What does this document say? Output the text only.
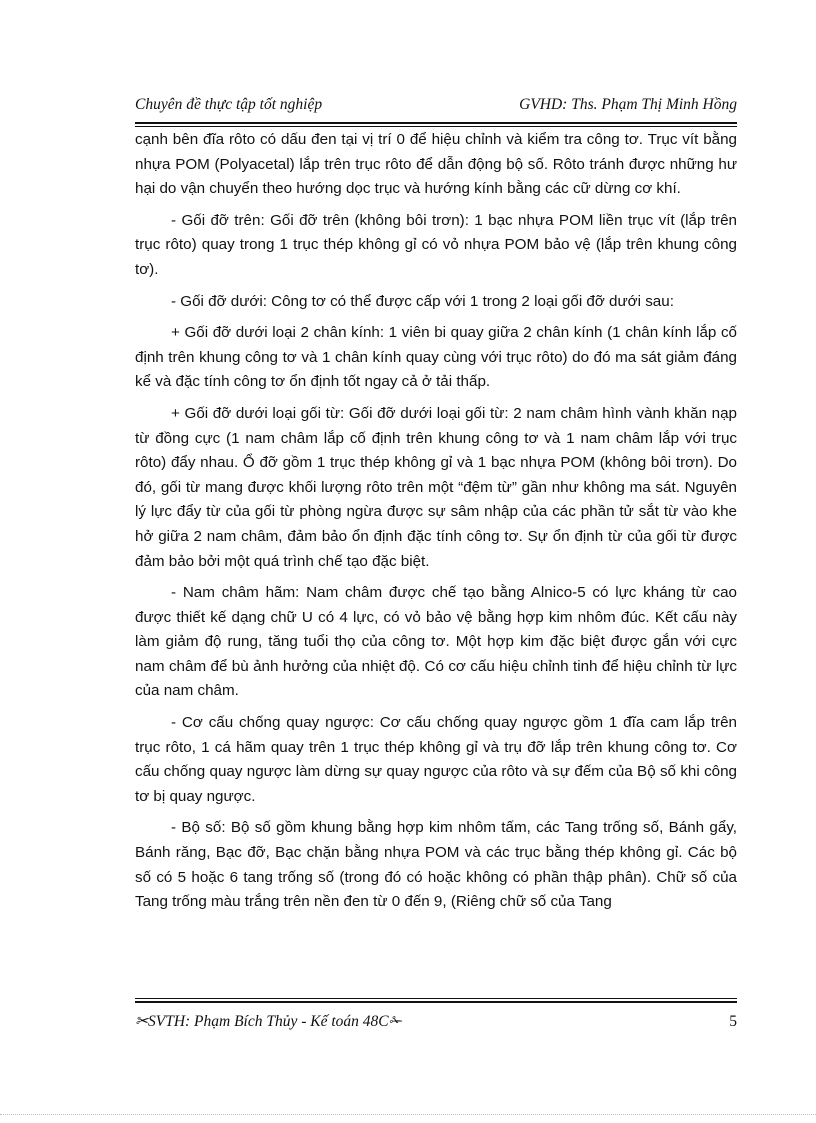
Chuyên đề thực tập tốt nghiệp	GVHD: Ths. Phạm Thị Minh Hồng

cạnh bên đĩa rôto có dấu đen tại vị trí 0 để hiệu chỉnh và kiểm tra công tơ. Trục vít bằng nhựa POM (Polyacetal) lắp trên trục rôto để dẫn động bộ số. Rôto tránh được những hư hại do vận chuyển theo hướng dọc trục và hướng kính bằng các cữ dừng cơ khí.

- Gối đỡ trên: Gối đỡ trên (không bôi trơn): 1 bạc nhựa POM liền trục vít (lắp trên trục rôto) quay trong 1 trục thép không gỉ có vỏ nhựa POM bảo vệ (lắp trên khung công tơ).

- Gối đỡ dưới: Công tơ có thể được cấp với 1 trong 2 loại gối đỡ dưới sau:

+ Gối đỡ dưới loại 2 chân kính: 1 viên bi quay giữa 2 chân kính (1 chân kính lắp cố định trên khung công tơ và 1 chân kính quay cùng với trục rôto) do đó ma sát giảm đáng kể và đặc tính công tơ ổn định tốt ngay cả ở tải thấp.

+ Gối đỡ dưới loại gối từ: Gối đỡ dưới loại gối từ: 2 nam châm hình vành khăn nạp từ đồng cực (1 nam châm lắp cố định trên khung công tơ và 1 nam châm lắp với trục rôto) đẩy nhau. Ổ đỡ gồm 1 trục thép không gỉ và 1 bạc nhựa POM (không bôi trơn). Do đó, gối từ mang được khối lượng rôto trên một “đệm từ” gần như không ma sát. Nguyên lý lực đẩy từ của gối từ phòng ngừa được sự sâm nhập của các phần tử sắt từ vào khe hở giữa 2 nam châm, đảm bảo ổn định đặc tính công tơ. Sự ổn định từ của gối từ được đảm bảo bởi một quá trình chế tạo đặc biệt.

- Nam châm hãm: Nam châm được chế tạo bằng Alnico-5 có lực kháng từ cao được thiết kế dạng chữ U có 4 lực, có vỏ bảo vệ bằng hợp kim nhôm đúc. Kết cấu này làm giảm độ rung, tăng tuổi thọ của công tơ. Một hợp kim đặc biệt được gắn với cực nam châm để bù ảnh hưởng của nhiệt độ. Có cơ cấu hiệu chỉnh tinh để hiệu chỉnh từ lực của nam châm.

- Cơ cấu chống quay ngược: Cơ cấu chống quay ngược gồm 1 đĩa cam lắp trên trục rôto, 1 cá hãm quay trên 1 trục thép không gỉ và trụ đỡ lắp trên khung công tơ. Cơ cấu chống quay ngược làm dừng sự quay ngược của rôto và sự đếm của Bộ số khi công tơ bị quay ngược.

- Bộ số: Bộ số gồm khung bằng hợp kim nhôm tấm, các Tang trống số, Bánh gẩy, Bánh răng, Bạc đỡ, Bạc chặn bằng nhựa POM và các trục bằng thép không gỉ. Các bộ số có 5 hoặc 6 tang trống số (trong đó có hoặc không có phần thập phân). Chữ số của Tang trống màu trắng trên nền đen từ 0 đến 9, (Riêng chữ số của Tang

✂SVTH: Phạm Bích Thủy - Kế toán 48C✁	5
